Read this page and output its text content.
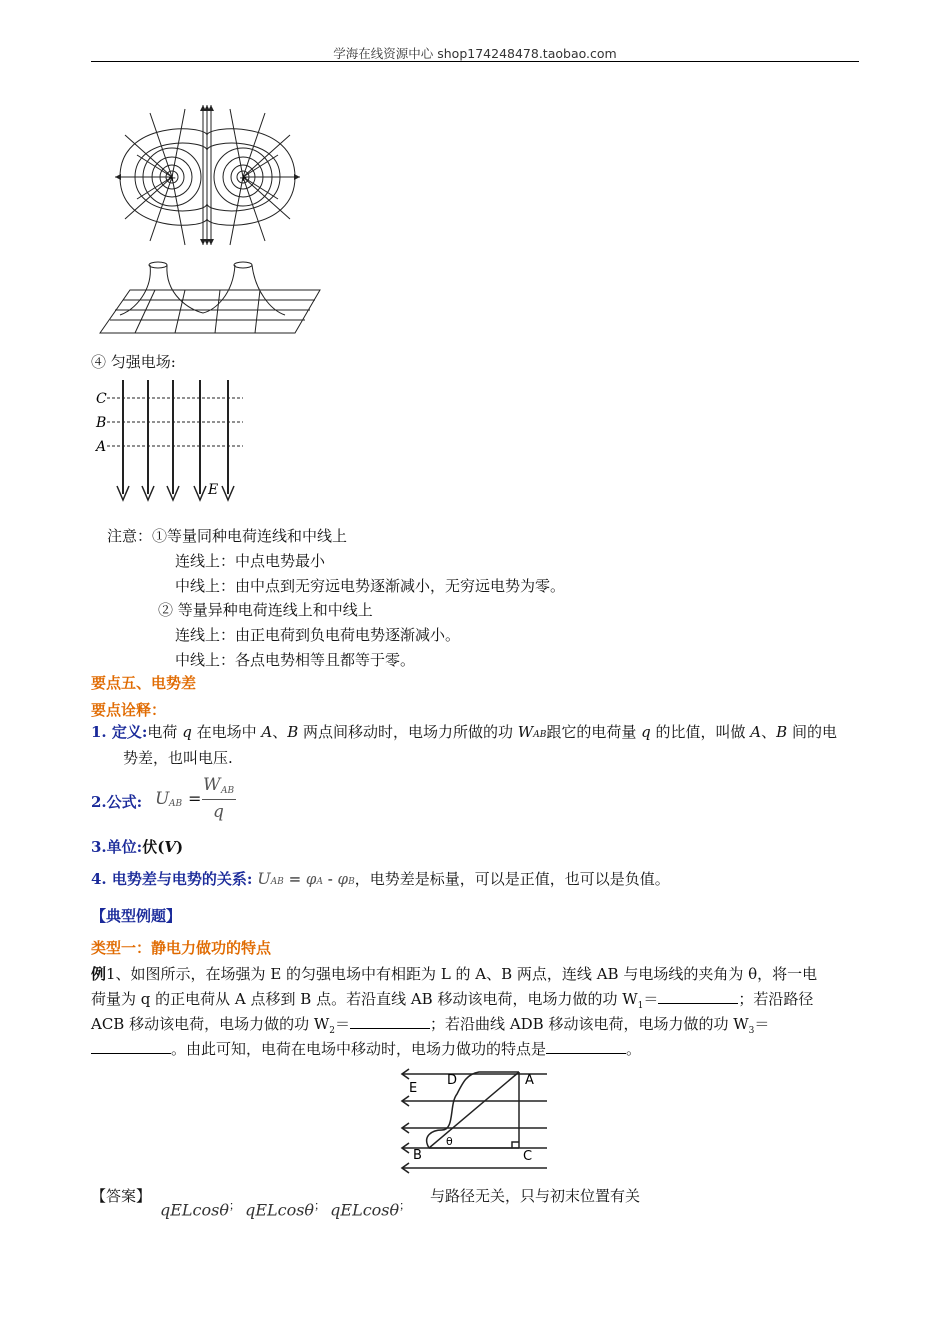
学海在线资源中心 shop174248478.taobao.com
+	+
④ 匀强电场:
C
B
A
E
注意：①等量同种电荷连线和中线上
连线上：中点电势最小
中线上：由中点到无穷远电势逐渐减小，无穷远电势为零。
② 等量异种电荷连线上和中线上
连线上：由正电荷到负电荷电势逐渐减小。
中线上：各点电势相等且都等于零。
要点五、电势差
要点诠释：
1. 定义:电荷 q 在电场中 A、B 两点间移动时，电场力所做的功 WAB跟它的电荷量 q 的比值，叫做 A、B 间的电
势差，也叫电压.
2.公式: U AB =
W AB
q
3.单位:伏(V)
4. 电势差与电势的关系: UAB = φA - φB，电势差是标量，可以是正值，也可以是负值。
【典型例题】
类型一：静电力做功的特点
例1、如图所示，在场强为 E 的匀强电场中有相距为 L 的 A、B 两点，连线 AB 与电场线的夹角为 θ，将一电
荷量为 q 的正电荷从 A 点移到 B 点。若沿直线 AB 移动该电荷，电场力做的功 $W_1=$	；若沿路径
ACB 移动该电荷，电场力做的功 $W_2=$	；若沿曲线 ADB 移动该电荷，电场力做的功 $W_3=$
。由此可知，电荷在电场中移动时，电场力做功的特点是	。
E
D	A
B	C
θ
【答案】
qELcosθ； qELcosθ； qELcosθ；
与路径无关，只与初末位置有关
